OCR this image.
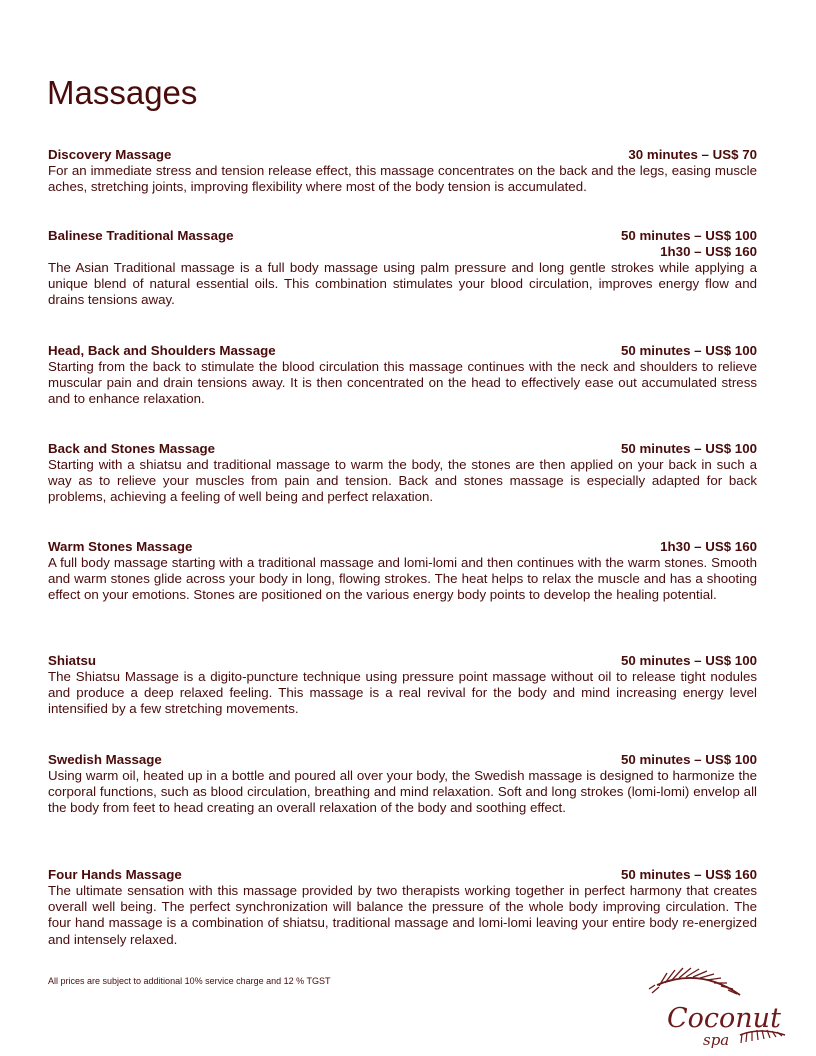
Massages
Discovery Massage	30 minutes – US$ 70

For an immediate stress and tension release effect, this massage concentrates on the back and the legs, easing muscle aches, stretching joints, improving flexibility where most of the body tension is accumulated.

Balinese Traditional Massage	50 minutes – US$ 100
1h30 – US$ 160

The Asian Traditional massage is a full body massage using palm pressure and long gentle strokes while applying a unique blend of natural essential oils. This combination stimulates your blood circulation, improves energy flow and drains tensions away.

Head, Back and Shoulders Massage	50 minutes – US$ 100

Starting from the back to stimulate the blood circulation this massage continues with the neck and shoulders to relieve muscular pain and drain tensions away. It is then concentrated on the head to effectively ease out accumulated stress and to enhance relaxation.

Back and Stones Massage	50 minutes – US$ 100

Starting with a shiatsu and traditional massage to warm the body, the stones are then applied on your back in such a way as to relieve your muscles from pain and tension. Back and stones massage is especially adapted for back problems, achieving a feeling of well being and perfect relaxation.

Warm Stones Massage	1h30 – US$ 160

A full body massage starting with a traditional massage and lomi-lomi and then continues with the warm stones. Smooth and warm stones glide across your body in long, flowing strokes. The heat helps to relax the muscle and has a shooting effect on your emotions. Stones are positioned on the various energy body points to develop the healing potential.

Shiatsu	50 minutes – US$ 100

The Shiatsu Massage is a digito-puncture technique using pressure point massage without oil to release tight nodules and produce a deep relaxed feeling. This massage is a real revival for the body and mind increasing energy level intensified by a few stretching movements.

Swedish Massage	50 minutes – US$ 100

Using warm oil, heated up in a bottle and poured all over your body, the Swedish massage is designed to harmonize the corporal functions, such as blood circulation, breathing and mind relaxation. Soft and long strokes (lomi-lomi) envelop all the body from feet to head creating an overall relaxation of the body and soothing effect.

Four Hands Massage	50 minutes – US$ 160

The ultimate sensation with this massage provided by two therapists working together in perfect harmony that creates overall well being. The perfect synchronization will balance the pressure of the whole body improving circulation. The four hand massage is a combination of shiatsu, traditional massage and lomi-lomi leaving your entire body re-energized and intensely relaxed.

All prices are subject to additional 10% service charge and 12 % TGST
Coconut
spa
